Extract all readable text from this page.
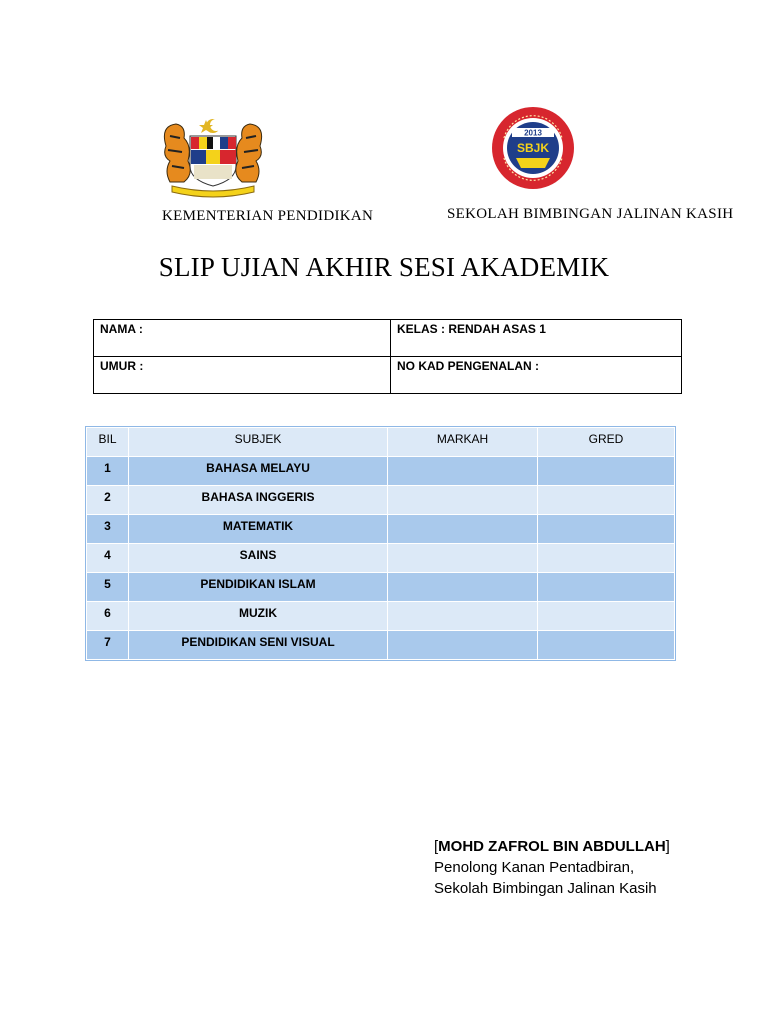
2013
SBJK
KEMENTERIAN PENDIDIKAN	SEKOLAH BIMBINGAN JALINAN KASIH
SLIP UJIAN AKHIR SESI AKADEMIK
NAMA :	KELAS : RENDAH ASAS 1
UMUR :	NO KAD PENGENALAN :
BIL	SUBJEK	MARKAH	GRED
1	BAHASA MELAYU		
2	BAHASA INGGERIS		
3	MATEMATIK		
4	SAINS		
5	PENDIDIKAN ISLAM		
6	MUZIK		
7	PENDIDIKAN SENI VISUAL		
[MOHD ZAFROL BIN ABDULLAH]
Penolong Kanan Pentadbiran,
Sekolah Bimbingan Jalinan Kasih
